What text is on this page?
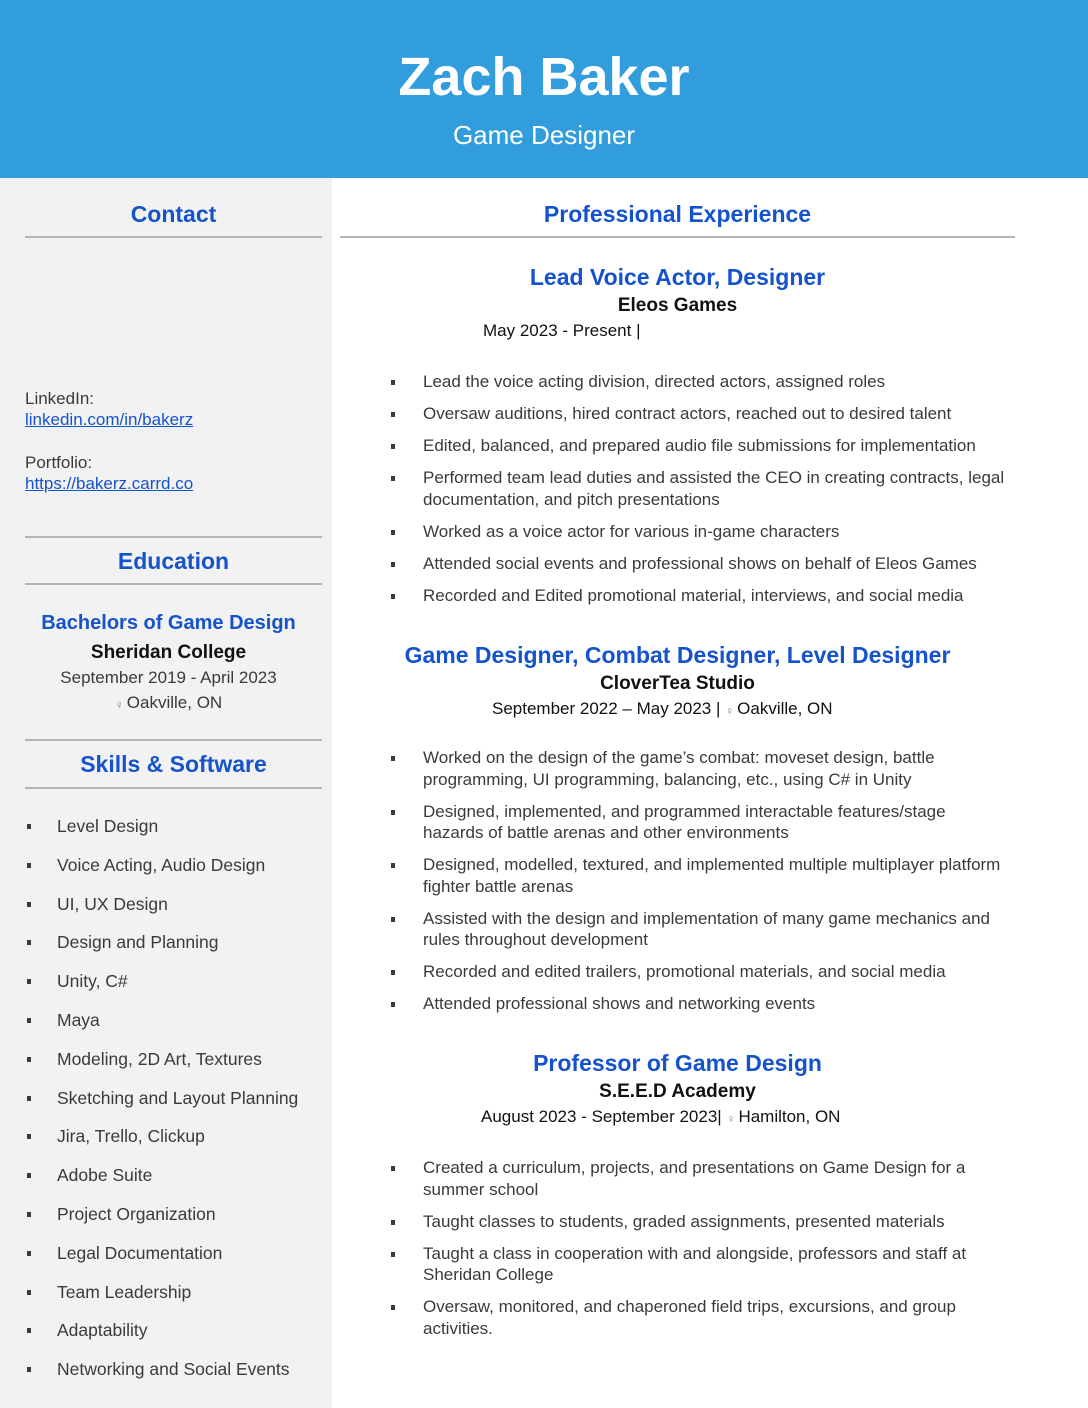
Zach Baker
Game Designer
Contact
LinkedIn:
linkedin.com/in/bakerz
Portfolio:
https://bakerz.carrd.co
Education
Bachelors of Game Design
Sheridan College
September 2019 - April 2023
♀ Oakville, ON
Skills & Software
Level Design
Voice Acting, Audio Design
UI, UX Design
Design and Planning
Unity, C#
Maya
Modeling, 2D Art, Textures
Sketching and Layout Planning
Jira, Trello, Clickup
Adobe Suite
Project Organization
Legal Documentation
Team Leadership
Adaptability
Networking and Social Events
Professional Experience
Lead Voice Actor, Designer
Eleos Games
May 2023 - Present |
Lead the voice acting division, directed actors, assigned roles
Oversaw auditions, hired contract actors, reached out to desired talent
Edited, balanced, and prepared audio file submissions for implementation
Performed team lead duties and assisted the CEO in creating contracts, legal documentation, and pitch presentations
Worked as a voice actor for various in-game characters
Attended social events and professional shows on behalf of Eleos Games
Recorded and Edited promotional material, interviews, and social media
Game Designer, Combat Designer, Level Designer
CloverTea Studio
September 2022 – May 2023 | ♀ Oakville, ON
Worked on the design of the game’s combat: moveset design, battle programming, UI programming, balancing, etc., using C# in Unity
Designed, implemented, and programmed interactable features/stage hazards of battle arenas and other environments
Designed, modelled, textured, and implemented multiple multiplayer platform fighter battle arenas
Assisted with the design and implementation of many game mechanics and rules throughout development
Recorded and edited trailers, promotional materials, and social media
Attended professional shows and networking events
Professor of Game Design
S.E.E.D Academy
August 2023 - September 2023| ♀ Hamilton, ON
Created a curriculum, projects, and presentations on Game Design for a summer school
Taught classes to students, graded assignments, presented materials
Taught a class in cooperation with and alongside, professors and staff at Sheridan College
Oversaw, monitored, and chaperoned field trips, excursions, and group activities.
